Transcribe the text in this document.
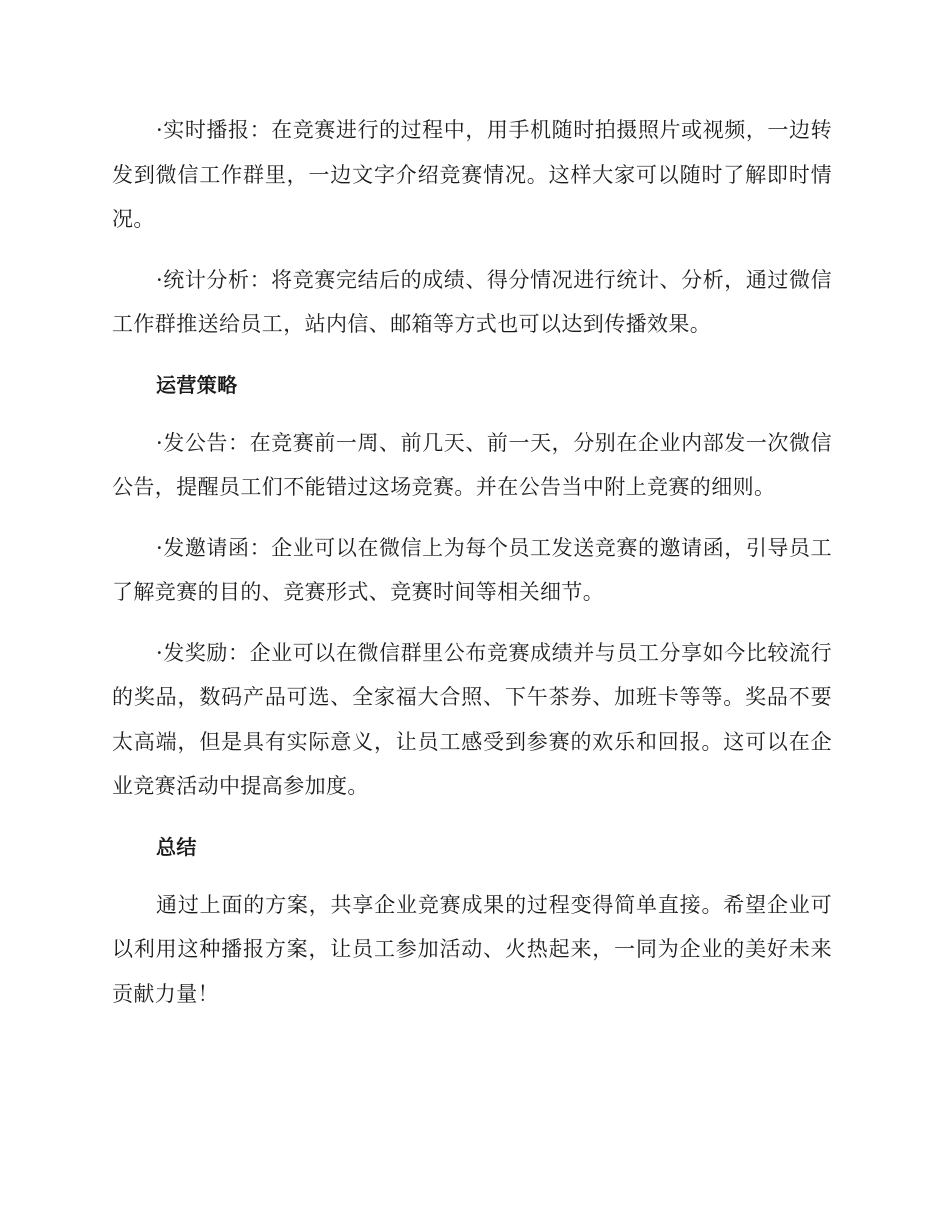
·实时播报：在竞赛进行的过程中，用手机随时拍摄照片或视频，一边转发到微信工作群里，一边文字介绍竞赛情况。这样大家可以随时了解即时情况。

·统计分析：将竞赛完结后的成绩、得分情况进行统计、分析，通过微信工作群推送给员工，站内信、邮箱等方式也可以达到传播效果。

运营策略

·发公告：在竞赛前一周、前几天、前一天，分别在企业内部发一次微信公告，提醒员工们不能错过这场竞赛。并在公告当中附上竞赛的细则。

·发邀请函：企业可以在微信上为每个员工发送竞赛的邀请函，引导员工了解竞赛的目的、竞赛形式、竞赛时间等相关细节。

·发奖励：企业可以在微信群里公布竞赛成绩并与员工分享如今比较流行的奖品，数码产品可选、全家福大合照、下午茶券、加班卡等等。奖品不要太高端，但是具有实际意义，让员工感受到参赛的欢乐和回报。这可以在企业竞赛活动中提高参加度。

总结

通过上面的方案，共享企业竞赛成果的过程变得简单直接。希望企业可以利用这种播报方案，让员工参加活动、火热起来，一同为企业的美好未来贡献力量！
